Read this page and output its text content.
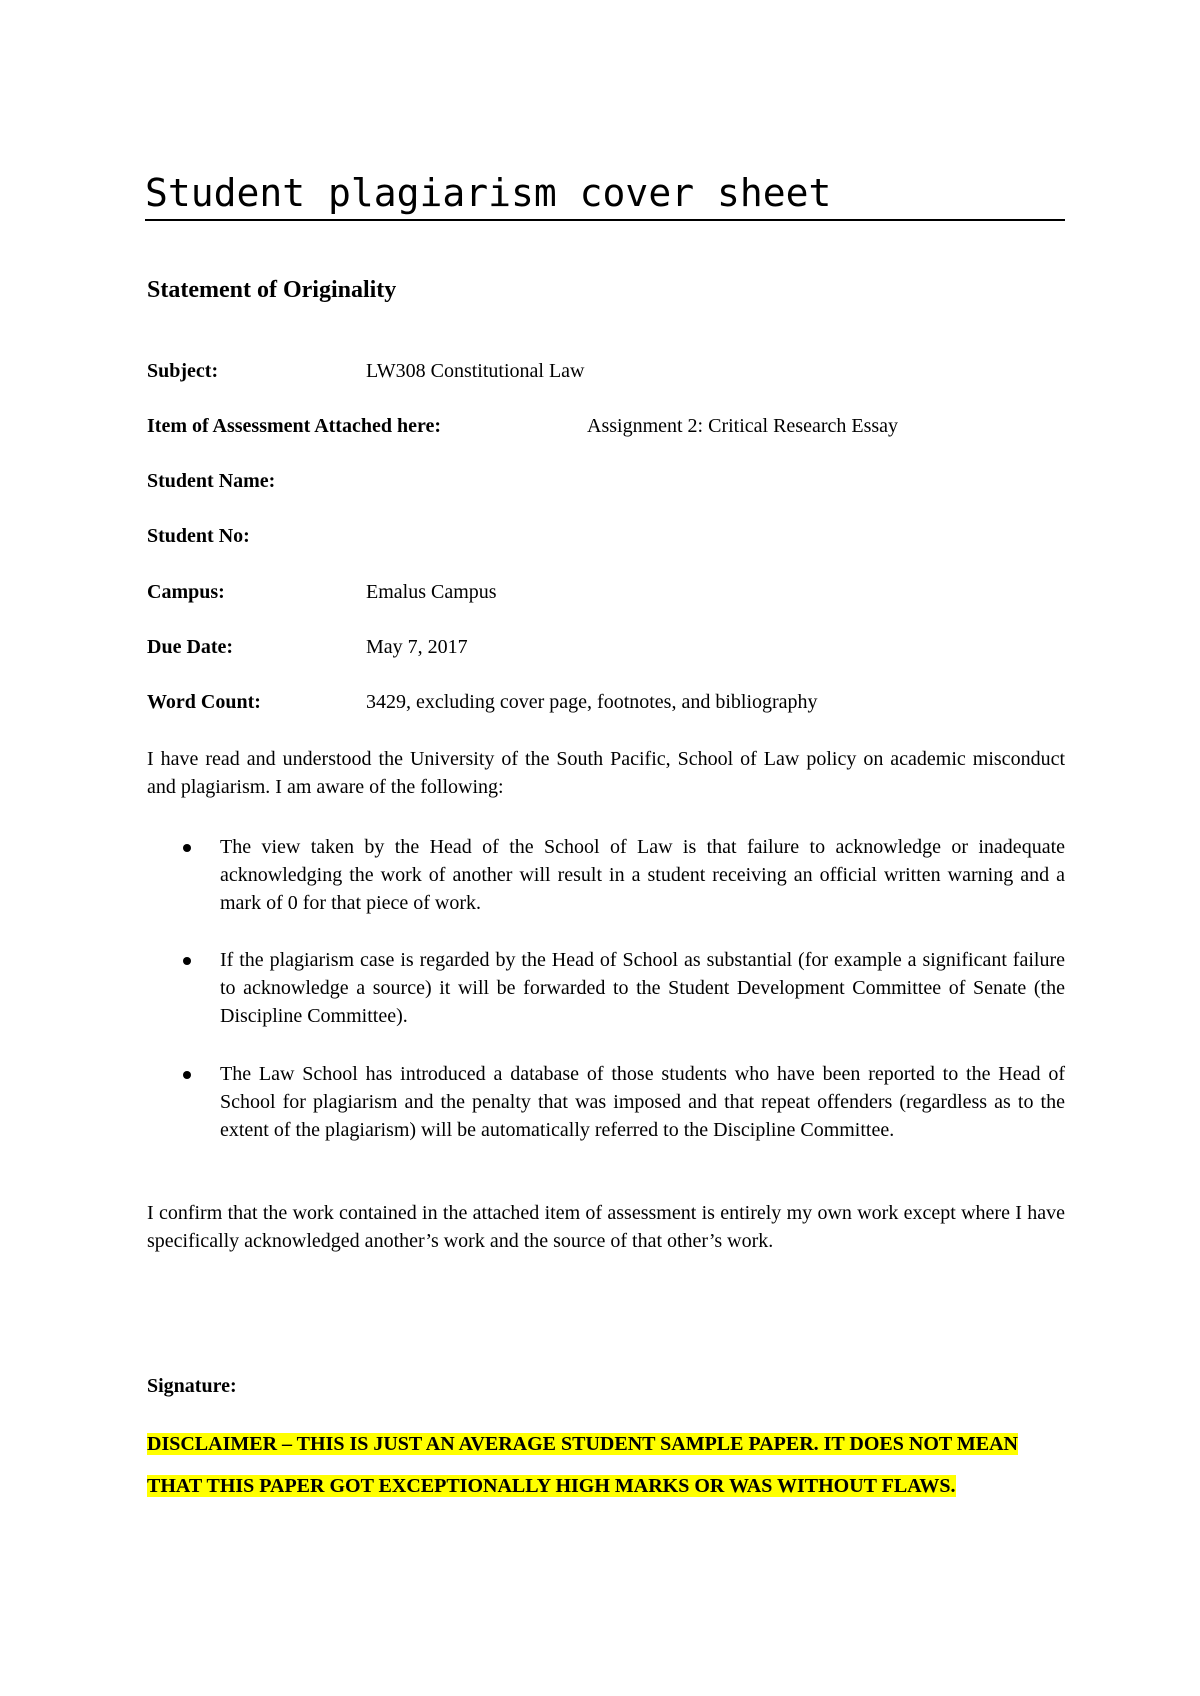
Student plagiarism cover sheet
Statement of Originality
Subject:	LW308 Constitutional Law
Item of Assessment Attached here:	Assignment 2: Critical Research Essay
Student Name:
Student No:
Campus:	Emalus Campus
Due Date:	May 7, 2017
Word Count:	3429, excluding cover page, footnotes, and bibliography

I have read and understood the University of the South Pacific, School of Law policy on academic misconduct and plagiarism. I am aware of the following:

The view taken by the Head of the School of Law is that failure to acknowledge or inadequate acknowledging the work of another will result in a student receiving an official written warning and a mark of 0 for that piece of work.

If the plagiarism case is regarded by the Head of School as substantial (for example a significant failure to acknowledge a source) it will be forwarded to the Student Development Committee of Senate (the Discipline Committee).

The Law School has introduced a database of those students who have been reported to the Head of School for plagiarism and the penalty that was imposed and that repeat offenders (regardless as to the extent of the plagiarism) will be automatically referred to the Discipline Committee.

I confirm that the work contained in the attached item of assessment is entirely my own work except where I have specifically acknowledged another’s work and the source of that other’s work.

Signature:

DISCLAIMER – THIS IS JUST AN AVERAGE STUDENT SAMPLE PAPER. IT DOES NOT MEAN THAT THIS PAPER GOT EXCEPTIONALLY HIGH MARKS OR WAS WITHOUT FLAWS.
